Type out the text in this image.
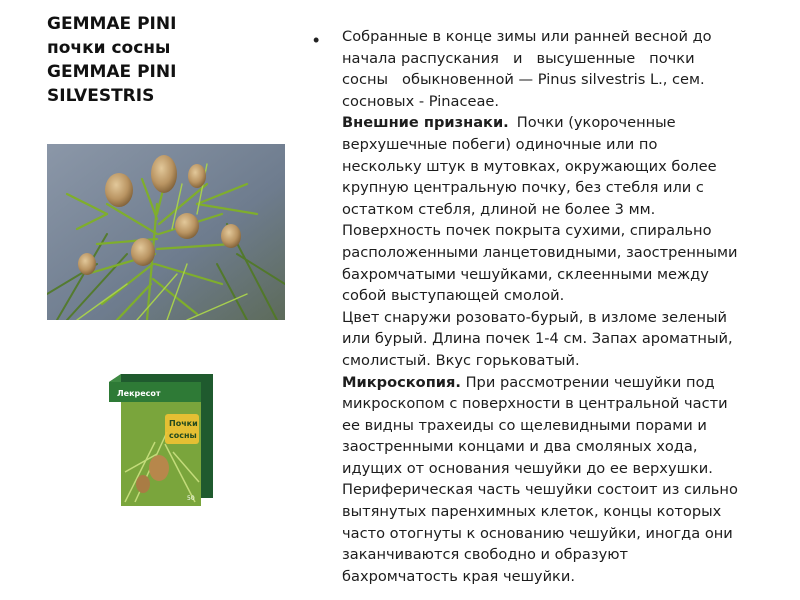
GEMMAE PINI
почки сосны
GEMMAE PINI
SILVESTRIS
Лекресот
Почки
сосны
50
• Собранные в конце зимы или ранней весной до
начала распускания и высушенные почки
сосны обыкновенной — Pinus silvestris L., сем.
сосновых - Pinaceae.
Внешние признаки. Почки (укороченные
верхушечные побеги) одиночные или по
нескольку штук в мутовках, окружающих более
крупную центральную почку, без стебля или с
остатком стебля, длиной не более 3 мм.
Поверхность почек покрыта сухими, спирально
расположенными ланцетовидными, заостренными
бахромчатыми чешуйками, склеенными между
собой выступающей смолой.
Цвет снаружи розовато-бурый, в изломе зеленый
или бурый. Длина почек 1-4 см. Запах ароматный,
смолистый. Вкус горьковатый.
Микроскопия. При рассмотрении чешуйки под
микроскопом с поверхности в центральной части
ее видны трахеиды со щелевидными порами и
заостренными концами и два смоляных хода,
идущих от основания чешуйки до ее верхушки.
Периферическая часть чешуйки состоит из сильно
вытянутых паренхимных клеток, концы которых
часто отогнуты к основанию чешуйки, иногда они
заканчиваются свободно и образуют
бахромчатость края чешуйки.
